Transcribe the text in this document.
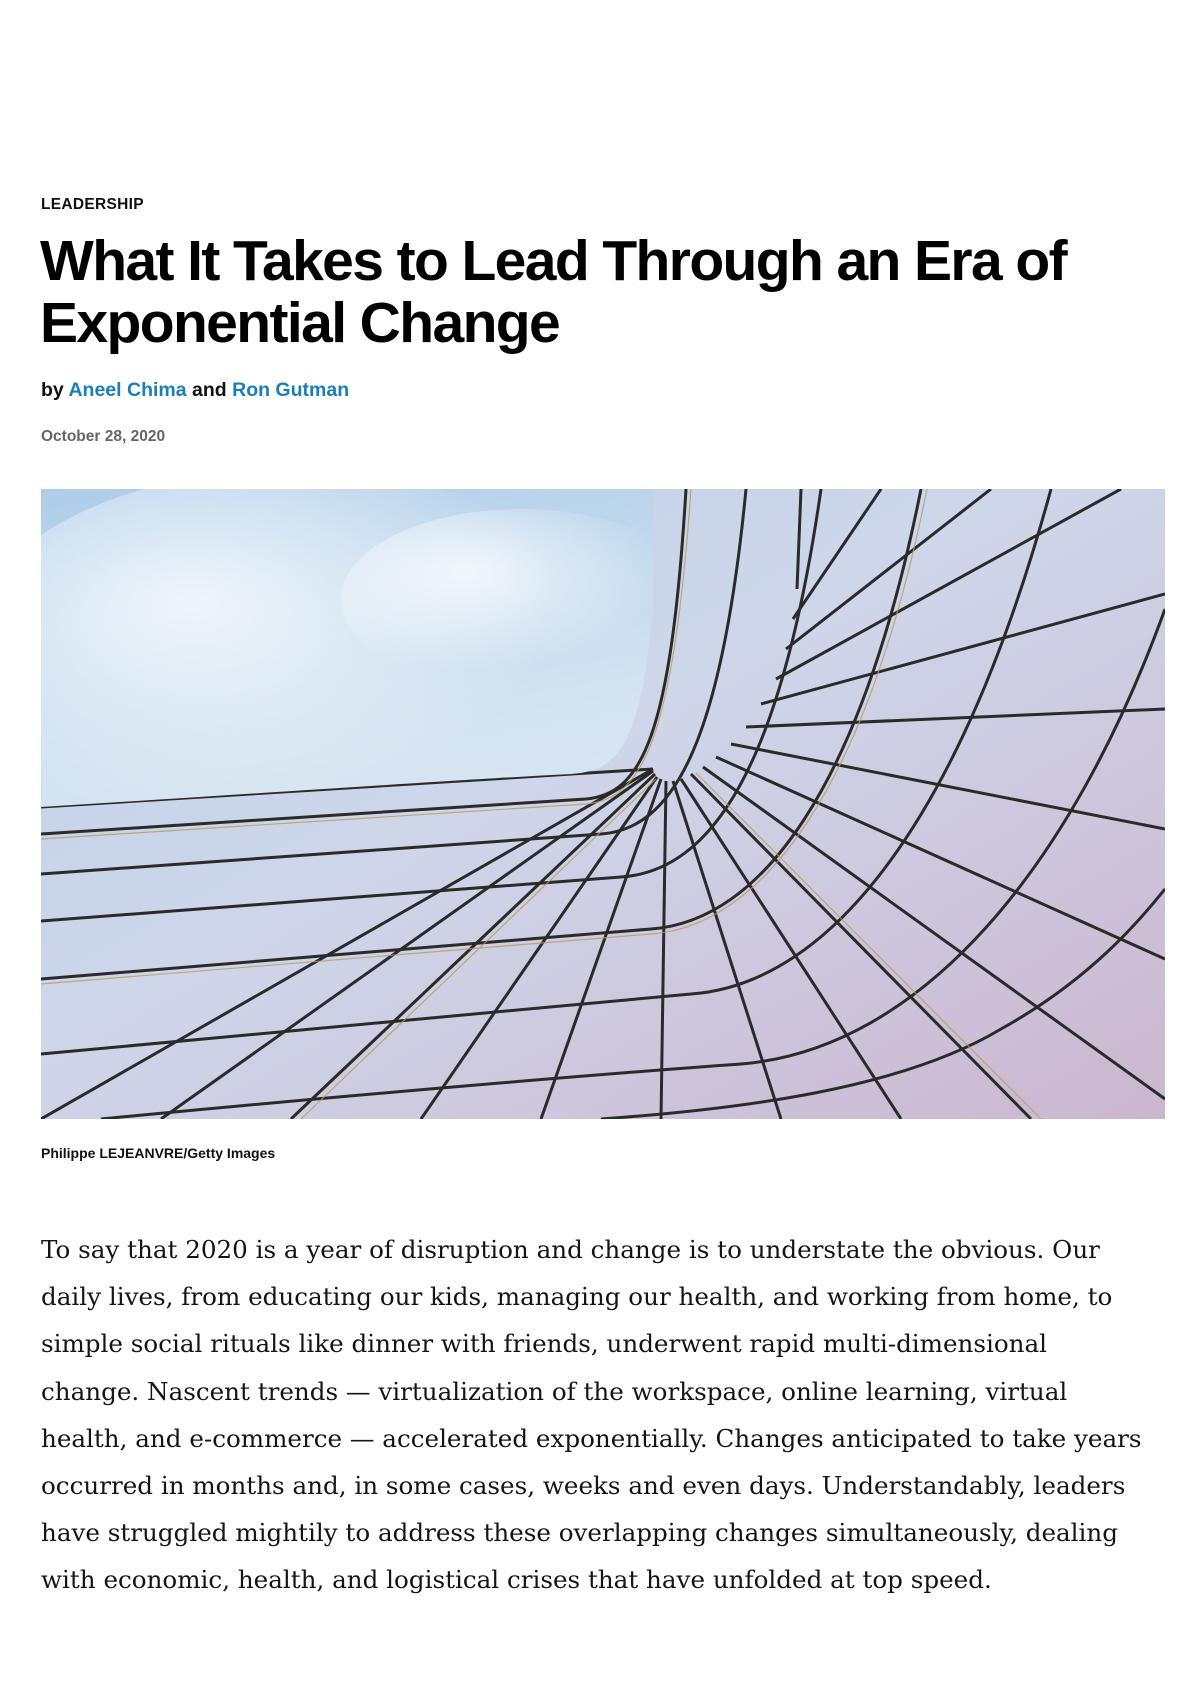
LEADERSHIP
What It Takes to Lead Through an Era of
Exponential Change
by Aneel Chima and Ron Gutman
October 28, 2020
Philippe LEJEANVRE/Getty Images
To say that 2020 is a year of disruption and change is to understate the obvious. Our
daily lives, from educating our kids, managing our health, and working from home, to
simple social rituals like dinner with friends, underwent rapid multi-dimensional
change. Nascent trends — virtualization of the workspace, online learning, virtual
health, and e-commerce — accelerated exponentially. Changes anticipated to take years
occurred in months and, in some cases, weeks and even days. Understandably, leaders
have struggled mightily to address these overlapping changes simultaneously, dealing
with economic, health, and logistical crises that have unfolded at top speed.
